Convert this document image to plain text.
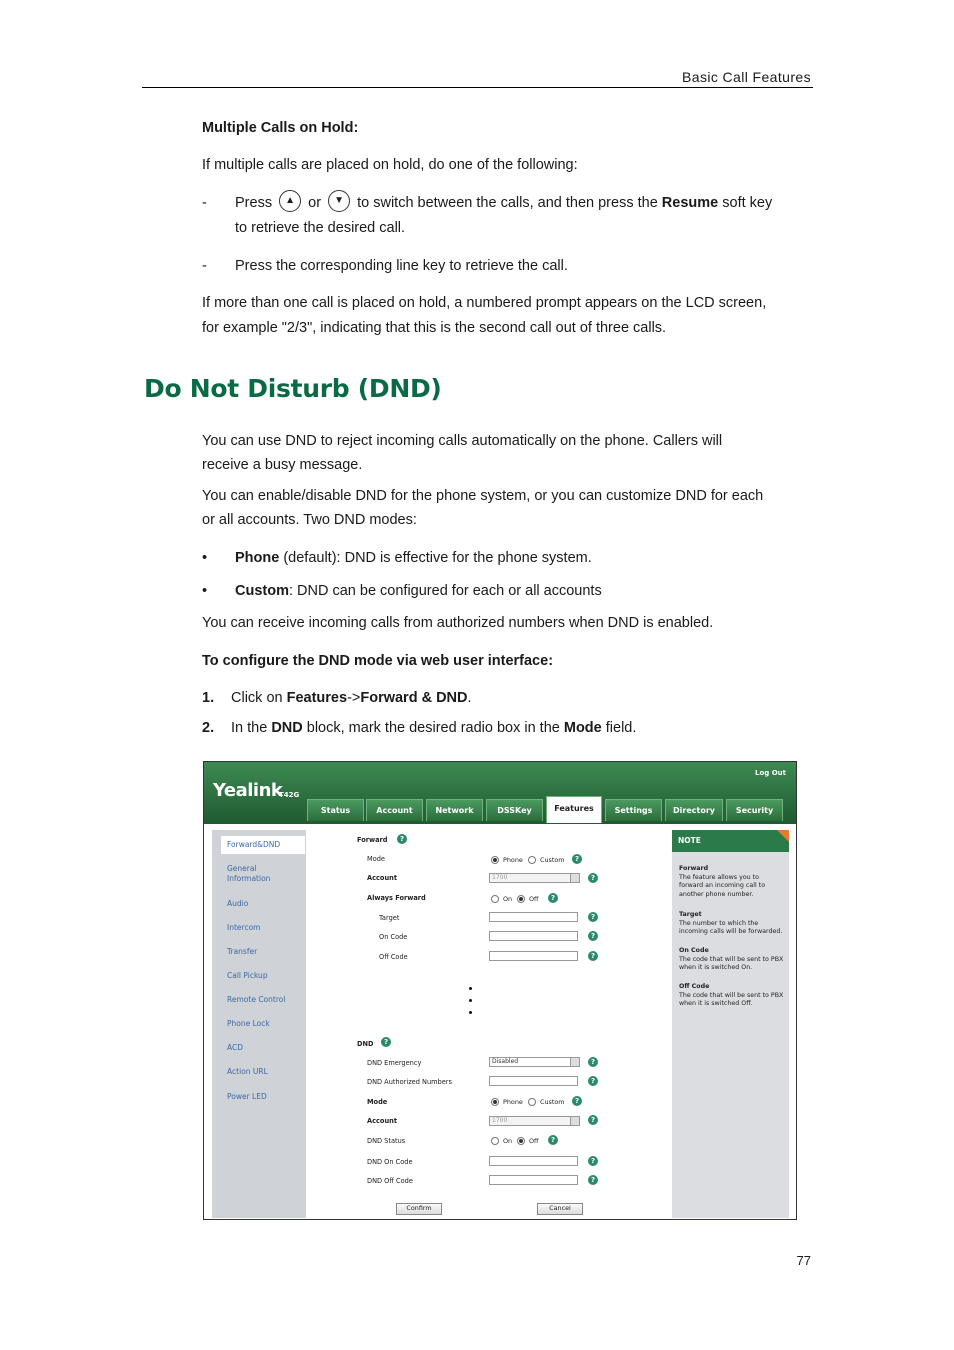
Basic Call Features
Multiple Calls on Hold:
If multiple calls are placed on hold, do one of the following:
- Press ▲ or ▼ to switch between the calls, and then press the Resume soft key
to retrieve the desired call.
- Press the corresponding line key to retrieve the call.
If more than one call is placed on hold, a numbered prompt appears on the LCD screen,
for example "2/3", indicating that this is the second call out of three calls.
Do Not Disturb (DND)
You can use DND to reject incoming calls automatically on the phone. Callers will
receive a busy message.
You can enable/disable DND for the phone system, or you can customize DND for each
or all accounts. Two DND modes:
• Phone (default): DND is effective for the phone system.
• Custom: DND can be configured for each or all accounts
You can receive incoming calls from authorized numbers when DND is enabled.
To configure the DND mode via web user interface:
1. Click on Features->Forward & DND.
2. In the DND block, mark the desired radio box in the Mode field.
Yealink
T42G
Log Out
Status	Account	Network	DSSKey	Features	Settings	Directory	Security
Forward&DND
General Information
Audio
Intercom
Transfer
Call Pickup
Remote Control
Phone Lock
ACD
Action URL
Power LED
Forward	?
Mode	Phone	Custom	?
Account	1700	?
Always Forward	On	Off	?
Target	?
On Code	?
Off Code	?
DND	?
DND Emergency	Disabled	?
DND Authorized Numbers	?
Mode	Phone	Custom	?
Account	1700	?
DND Status	On	Off	?
DND On Code	?
DND Off Code	?
Confirm	Cancel
NOTE
Forward
The feature allows you to forward an incoming call to another phone number.
Target
The number to which the incoming calls will be forwarded.
On Code
The code that will be sent to PBX when it is switched On.
Off Code
The code that will be sent to PBX when it is switched Off.
77
